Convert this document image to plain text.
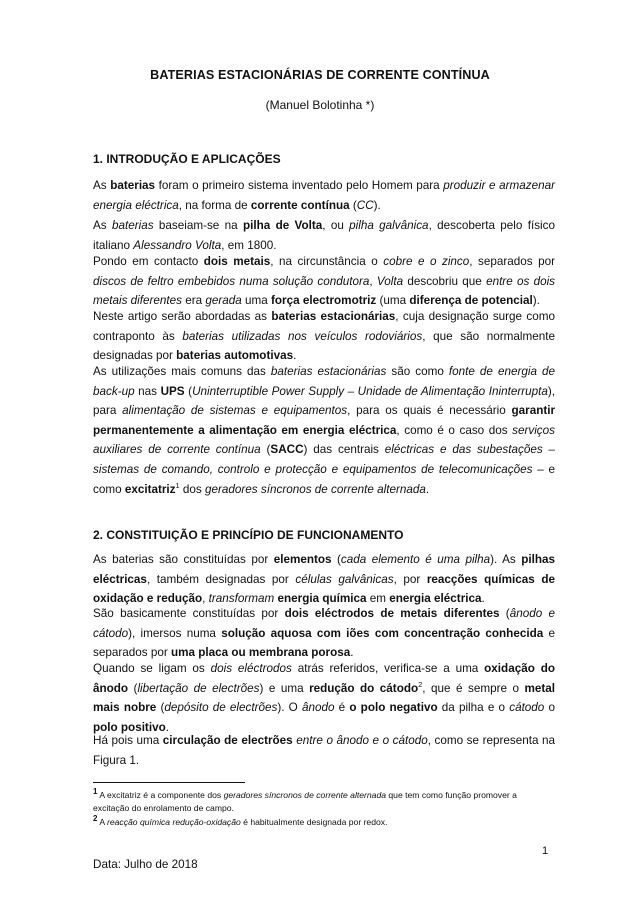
BATERIAS ESTACIONÁRIAS DE CORRENTE CONTÍNUA
(Manuel Bolotinha *)
1. INTRODUÇÃO E APLICAÇÕES

As baterias foram o primeiro sistema inventado pelo Homem para produzir e armazenar energia eléctrica, na forma de corrente contínua (CC).

As baterias baseiam-se na pilha de Volta, ou pilha galvânica, descoberta pelo físico italiano Alessandro Volta, em 1800.

Pondo em contacto dois metais, na circunstância o cobre e o zinco, separados por discos de feltro embebidos numa solução condutora, Volta descobriu que entre os dois metais diferentes era gerada uma força electromotriz (uma diferença de potencial).

Neste artigo serão abordadas as baterias estacionárias, cuja designação surge como contraponto às baterias utilizadas nos veículos rodoviários, que são normalmente designadas por baterias automotivas.

As utilizações mais comuns das baterias estacionárias são como fonte de energia de back-up nas UPS (Uninterruptible Power Supply – Unidade de Alimentação Ininterrupta), para alimentação de sistemas e equipamentos, para os quais é necessário garantir permanentemente a alimentação em energia eléctrica, como é o caso dos serviços auxiliares de corrente contínua (SACC) das centrais eléctricas e das subestações – sistemas de comando, controlo e protecção e equipamentos de telecomunicações – e como excitatriz$^1$ dos geradores síncronos de corrente alternada.

2. CONSTITUIÇÃO E PRINCÍPIO DE FUNCIONAMENTO

As baterias são constituídas por elementos (cada elemento é uma pilha). As pilhas eléctricas, também designadas por células galvânicas, por reacções químicas de oxidação e redução, transformam energia química em energia eléctrica.

São basicamente constituídas por dois eléctrodos de metais diferentes (ânodo e cátodo), imersos numa solução aquosa com iões com concentração conhecida e separados por uma placa ou membrana porosa.

Quando se ligam os dois eléctrodos atrás referidos, verifica-se a uma oxidação do ânodo (libertação de electrões) e uma redução do cátodo$^2$, que é sempre o metal mais nobre (depósito de electrões). O ânodo é o polo negativo da pilha e o cátodo o polo positivo.

Há pois uma circulação de electrões entre o ânodo e o cátodo, como se representa na Figura 1.

$^1$ A excitatriz é a componente dos geradores síncronos de corrente alternada que tem como função promover a excitação do enrolamento de campo.

$^2$ A reacção química redução-oxidação é habitualmente designada por redox.

1
Data: Julho de 2018
